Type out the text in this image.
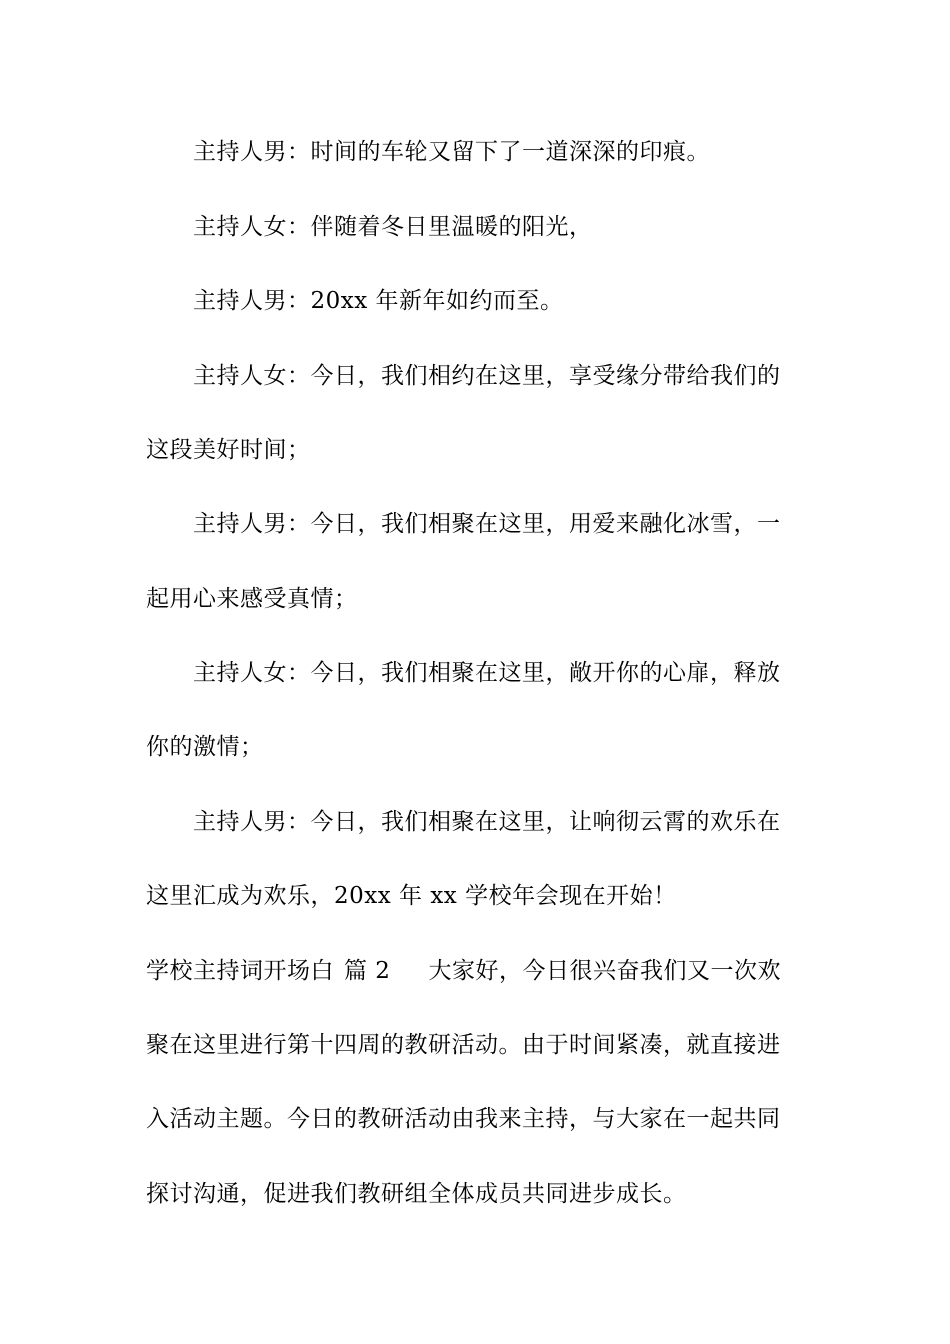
主持人男：时间的车轮又留下了一道深深的印痕。
主持人女：伴随着冬日里温暖的阳光，
主持人男：20xx 年新年如约而至。
主持人女：今日，我们相约在这里，享受缘分带给我们的
这段美好时间；
主持人男：今日，我们相聚在这里，用爱来融化冰雪，一
起用心来感受真情；
主持人女：今日，我们相聚在这里，敞开你的心扉，释放
你的激情；
主持人男：今日，我们相聚在这里，让响彻云霄的欢乐在
这里汇成为欢乐，20xx 年 xx 学校年会现在开始！
学校主持词开场白 篇 2 大家好，今日很兴奋我们又一次欢
聚在这里进行第十四周的教研活动。由于时间紧凑，就直接进
入活动主题。今日的教研活动由我来主持，与大家在一起共同
探讨沟通，促进我们教研组全体成员共同进步成长。
